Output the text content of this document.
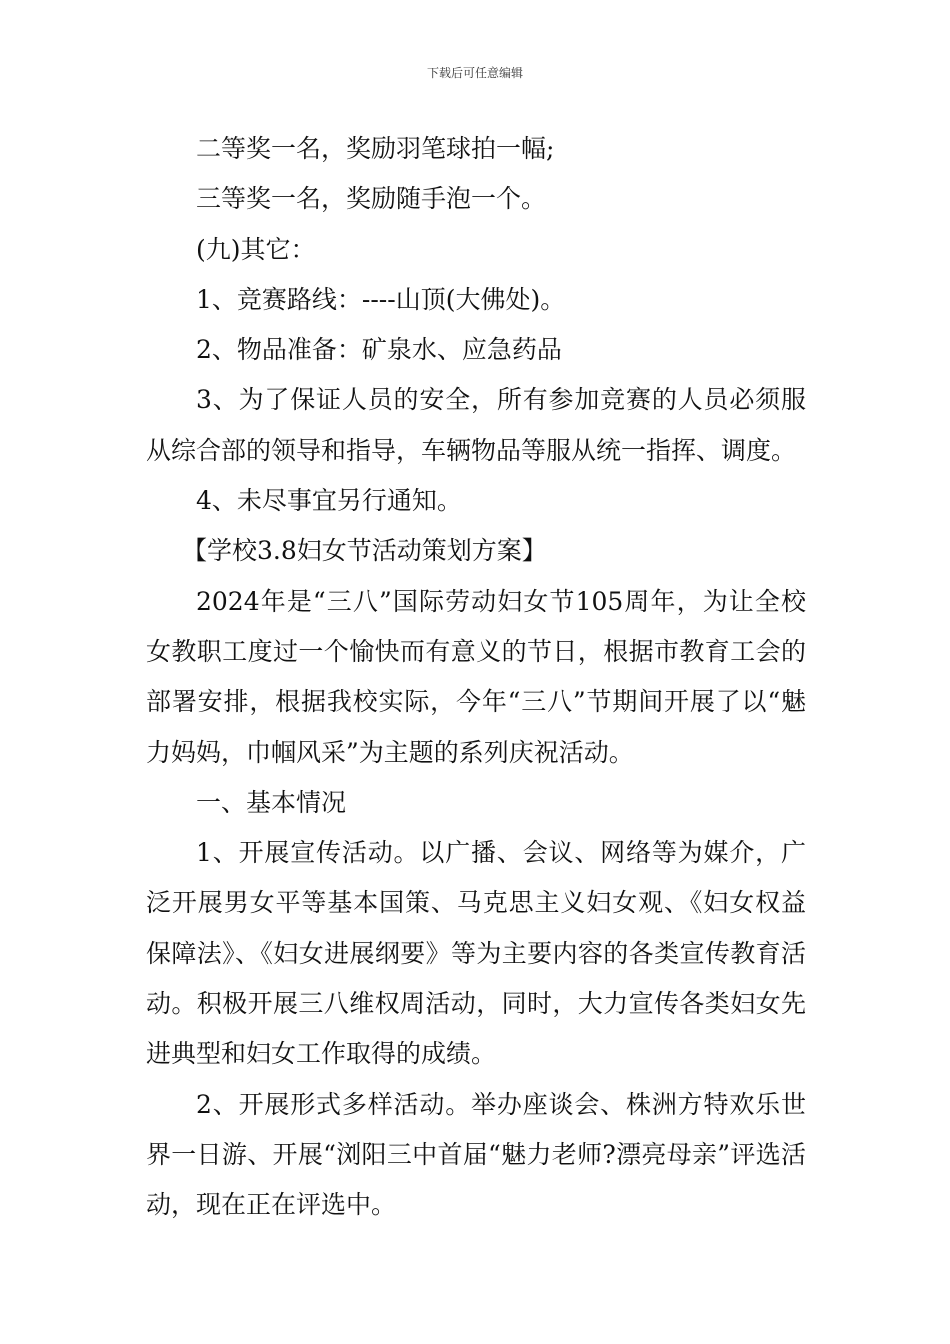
下载后可任意编辑

二等奖一名，奖励羽笔球拍一幅;

三等奖一名，奖励随手泡一个。

(九)其它：

1、竞赛路线：----山顶(大佛处)。

2、物品准备：矿泉水、应急药品

3、为了保证人员的安全，所有参加竞赛的人员必须服从综合部的领导和指导，车辆物品等服从统一指挥、调度。

4、未尽事宜另行通知。

【学校3.8妇女节活动策划方案】

2024年是“三八”国际劳动妇女节105周年，为让全校女教职工度过一个愉快而有意义的节日，根据市教育工会的部署安排，根据我校实际，今年“三八”节期间开展了以“魅力妈妈，巾帼风采”为主题的系列庆祝活动。

一、基本情况

1、开展宣传活动。以广播、会议、网络等为媒介，广泛开展男女平等基本国策、马克思主义妇女观、《妇女权益保障法》、《妇女进展纲要》等为主要内容的各类宣传教育活动。积极开展三八维权周活动，同时，大力宣传各类妇女先进典型和妇女工作取得的成绩。

2、开展形式多样活动。举办座谈会、株洲方特欢乐世界一日游、开展“浏阳三中首届“魅力老师?漂亮母亲”评选活动，现在正在评选中。
